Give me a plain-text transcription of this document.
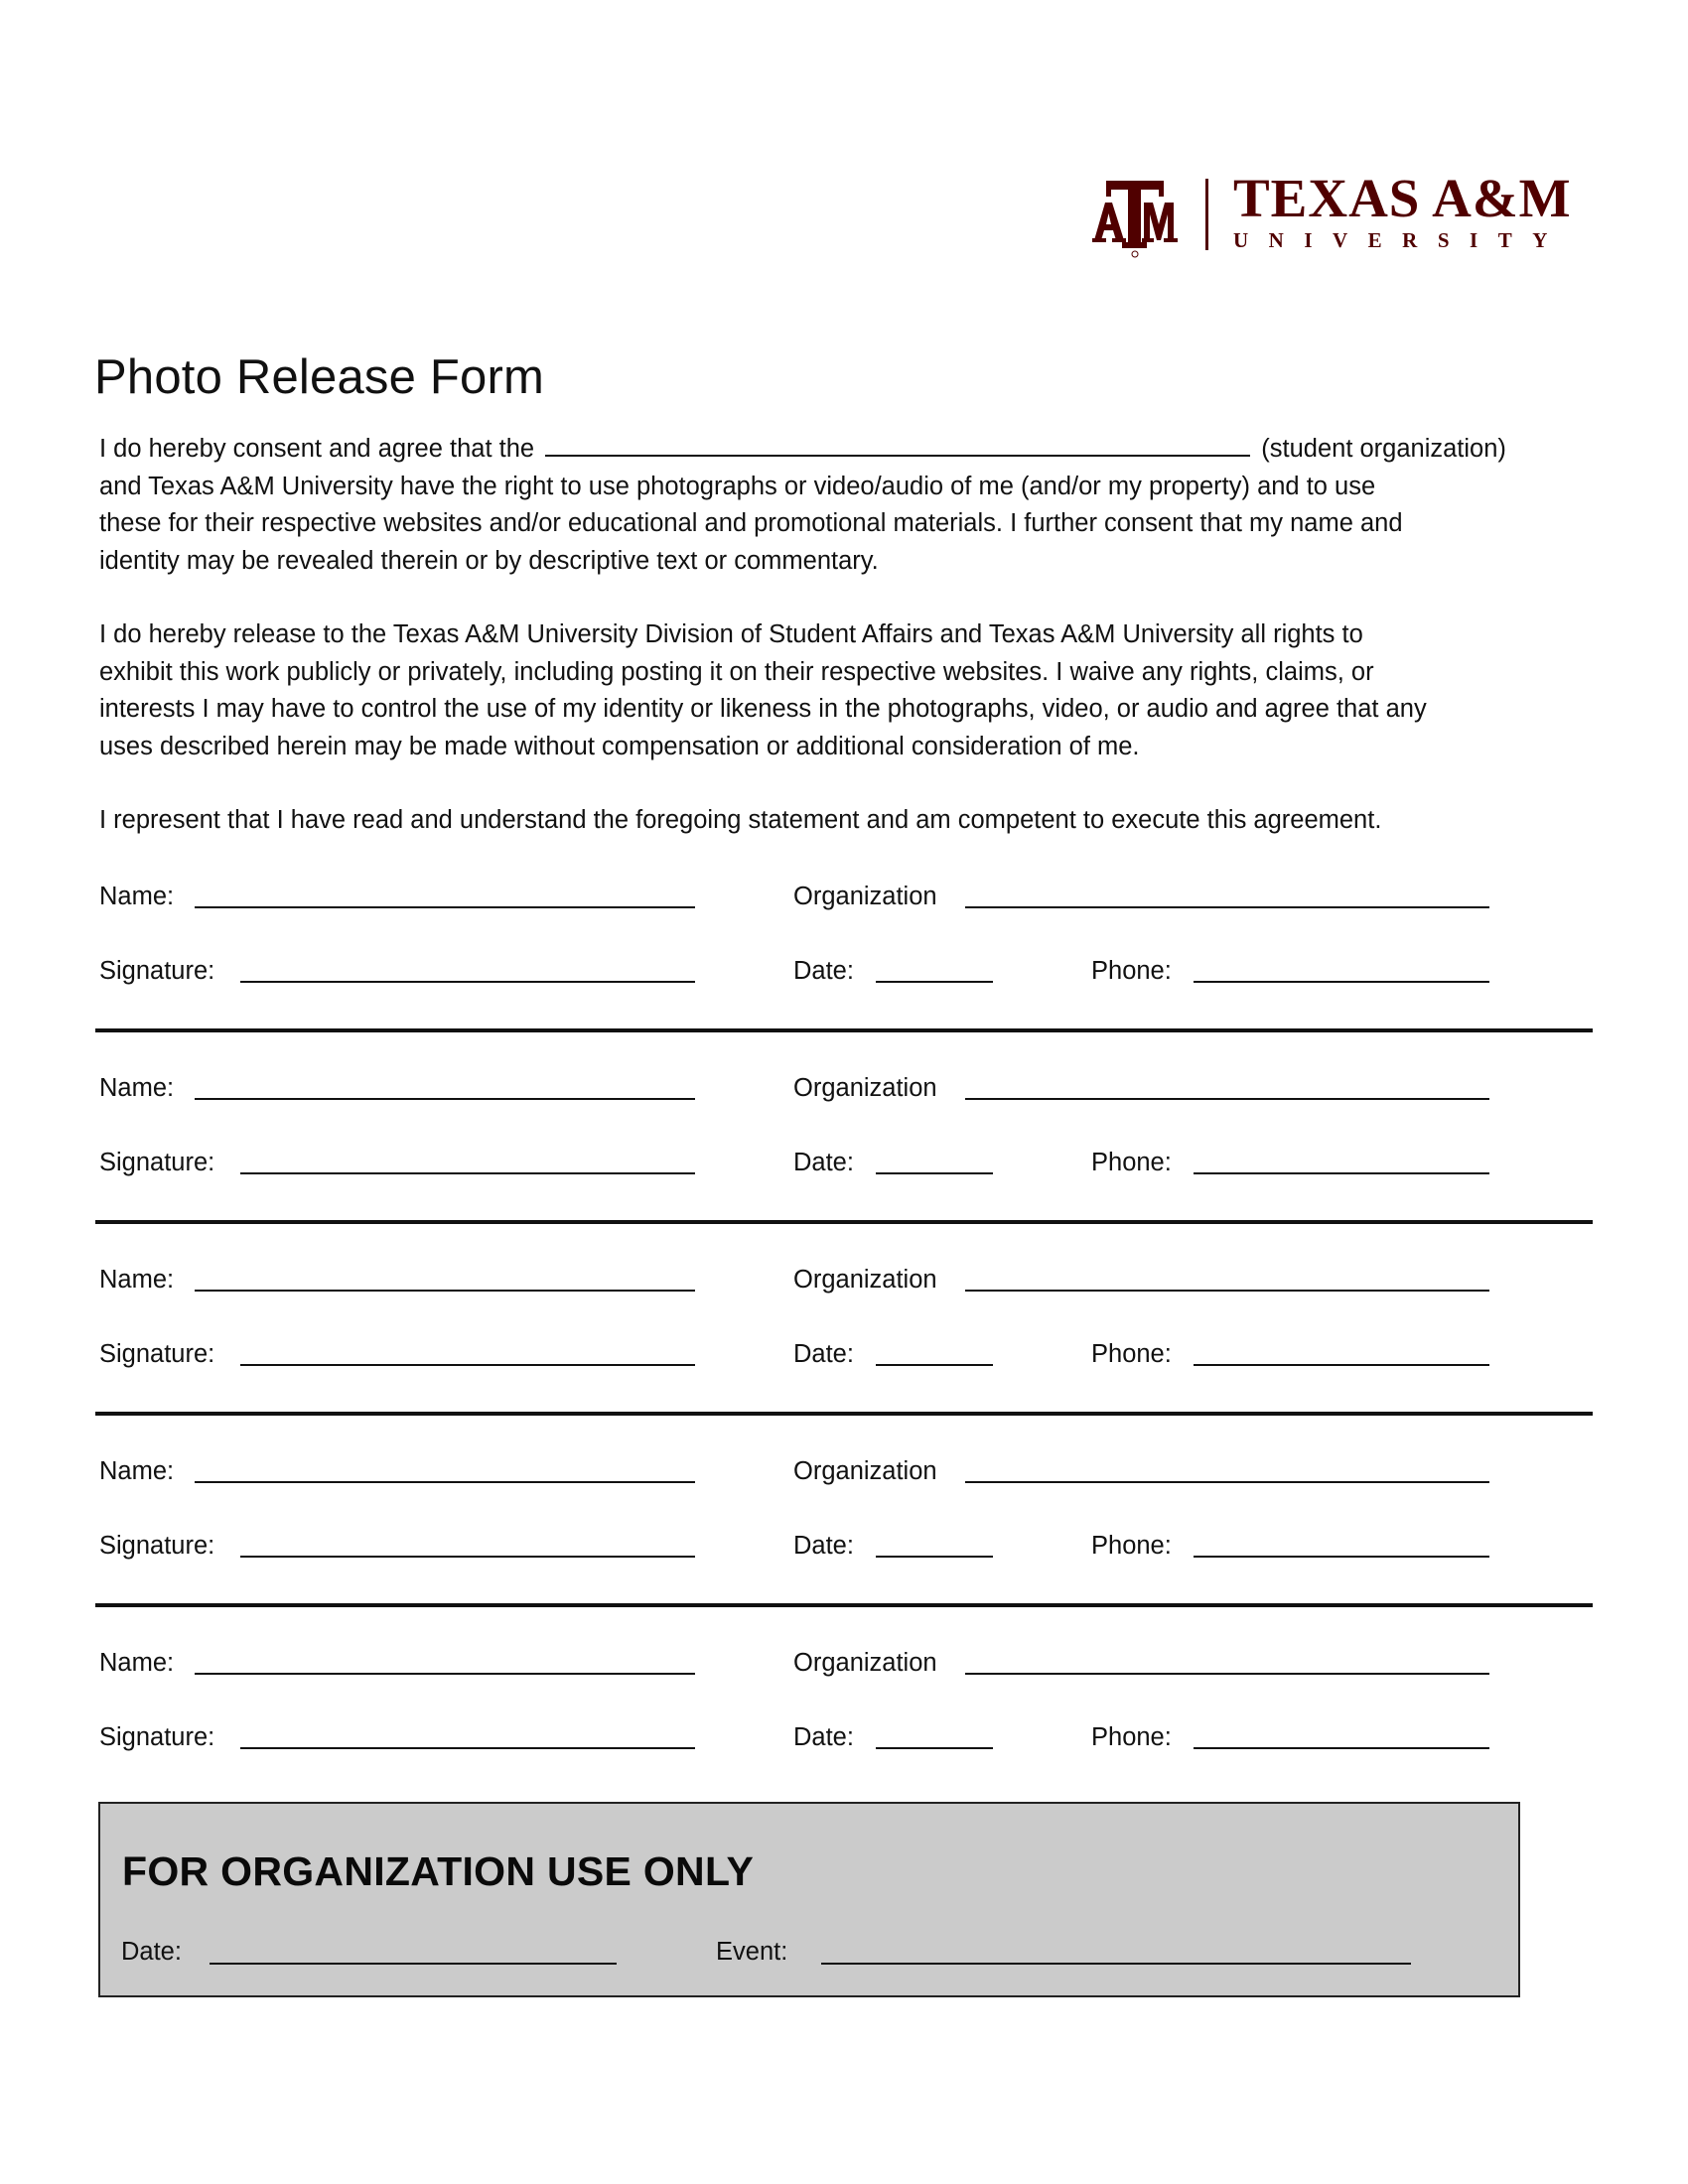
TEXAS A&M
UNIVERSITY
Photo Release Form

I do hereby consent and agree that the	(student organization)
and Texas A&M University have the right to use photographs or video/audio of me (and/or my property) and to use
these for their respective websites and/or educational and promotional materials. I further consent that my name and
identity may be revealed therein or by descriptive text or commentary.

I do hereby release to the Texas A&M University Division of Student Affairs and Texas A&M University all rights to
exhibit this work publicly or privately, including posting it on their respective websites. I waive any rights, claims, or
interests I may have to control the use of my identity or likeness in the photographs, video, or audio and agree that any
uses described herein may be made without compensation or additional consideration of me.

I represent that I have read and understand the foregoing statement and am competent to execute this agreement.

Name:	Organization
Signature:	Date:	Phone:
Name:	Organization
Signature:	Date:	Phone:
Name:	Organization
Signature:	Date:	Phone:
Name:	Organization
Signature:	Date:	Phone:
Name:	Organization
Signature:	Date:	Phone:
FOR ORGANIZATION USE ONLY
Date:	Event:
